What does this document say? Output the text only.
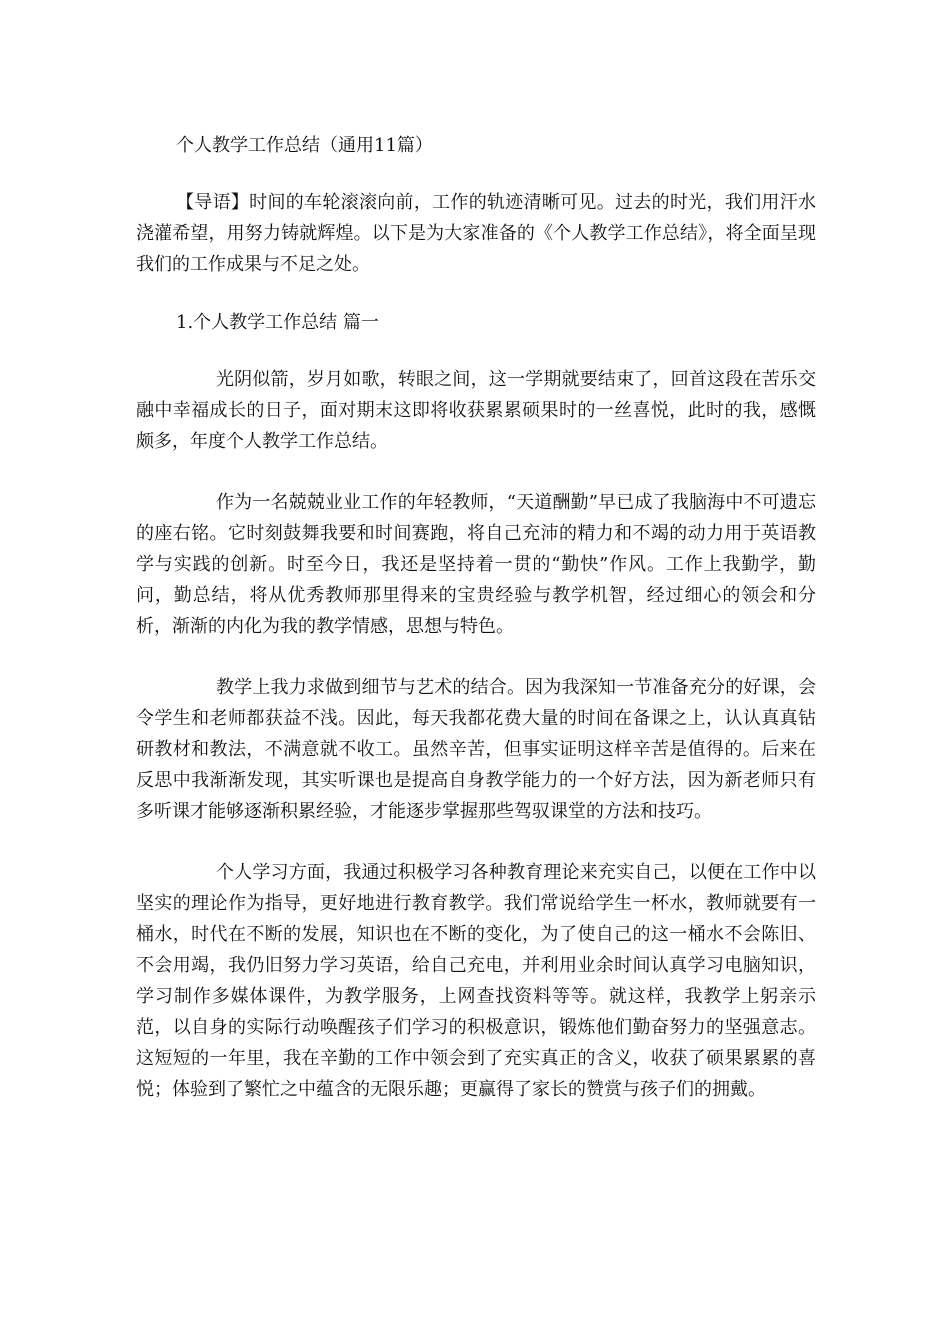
个人教学工作总结（通用11篇）

【导语】时间的车轮滚滚向前，工作的轨迹清晰可见。过去的时光，我们用汗水浇灌希望，用努力铸就辉煌。以下是为大家准备的《个人教学工作总结》，将全面呈现我们的工作成果与不足之处。

1.个人教学工作总结 篇一

光阴似箭，岁月如歌，转眼之间，这一学期就要结束了，回首这段在苦乐交融中幸福成长的日子，面对期末这即将收获累累硕果时的一丝喜悦，此时的我，感慨颇多，年度个人教学工作总结。

作为一名兢兢业业工作的年轻教师，“天道酬勤”早已成了我脑海中不可遗忘的座右铭。它时刻鼓舞我要和时间赛跑，将自己充沛的精力和不竭的动力用于英语教学与实践的创新。时至今日，我还是坚持着一贯的“勤快”作风。工作上我勤学，勤问，勤总结，将从优秀教师那里得来的宝贵经验与教学机智，经过细心的领会和分析，渐渐的内化为我的教学情感，思想与特色。

教学上我力求做到细节与艺术的结合。因为我深知一节准备充分的好课，会令学生和老师都获益不浅。因此，每天我都花费大量的时间在备课之上，认认真真钻研教材和教法，不满意就不收工。虽然辛苦，但事实证明这样辛苦是值得的。后来在反思中我渐渐发现，其实听课也是提高自身教学能力的一个好方法，因为新老师只有多听课才能够逐渐积累经验，才能逐步掌握那些驾驭课堂的方法和技巧。

个人学习方面，我通过积极学习各种教育理论来充实自己，以便在工作中以坚实的理论作为指导，更好地进行教育教学。我们常说给学生一杯水，教师就要有一桶水，时代在不断的发展，知识也在不断的变化，为了使自己的这一桶水不会陈旧、不会用竭，我仍旧努力学习英语，给自己充电，并利用业余时间认真学习电脑知识，学习制作多媒体课件，为教学服务，上网查找资料等等。就这样，我教学上躬亲示范，以自身的实际行动唤醒孩子们学习的积极意识，锻炼他们勤奋努力的坚强意志。这短短的一年里，我在辛勤的工作中领会到了充实真正的含义，收获了硕果累累的喜悦；体验到了繁忙之中蕴含的无限乐趣；更赢得了家长的赞赏与孩子们的拥戴。
